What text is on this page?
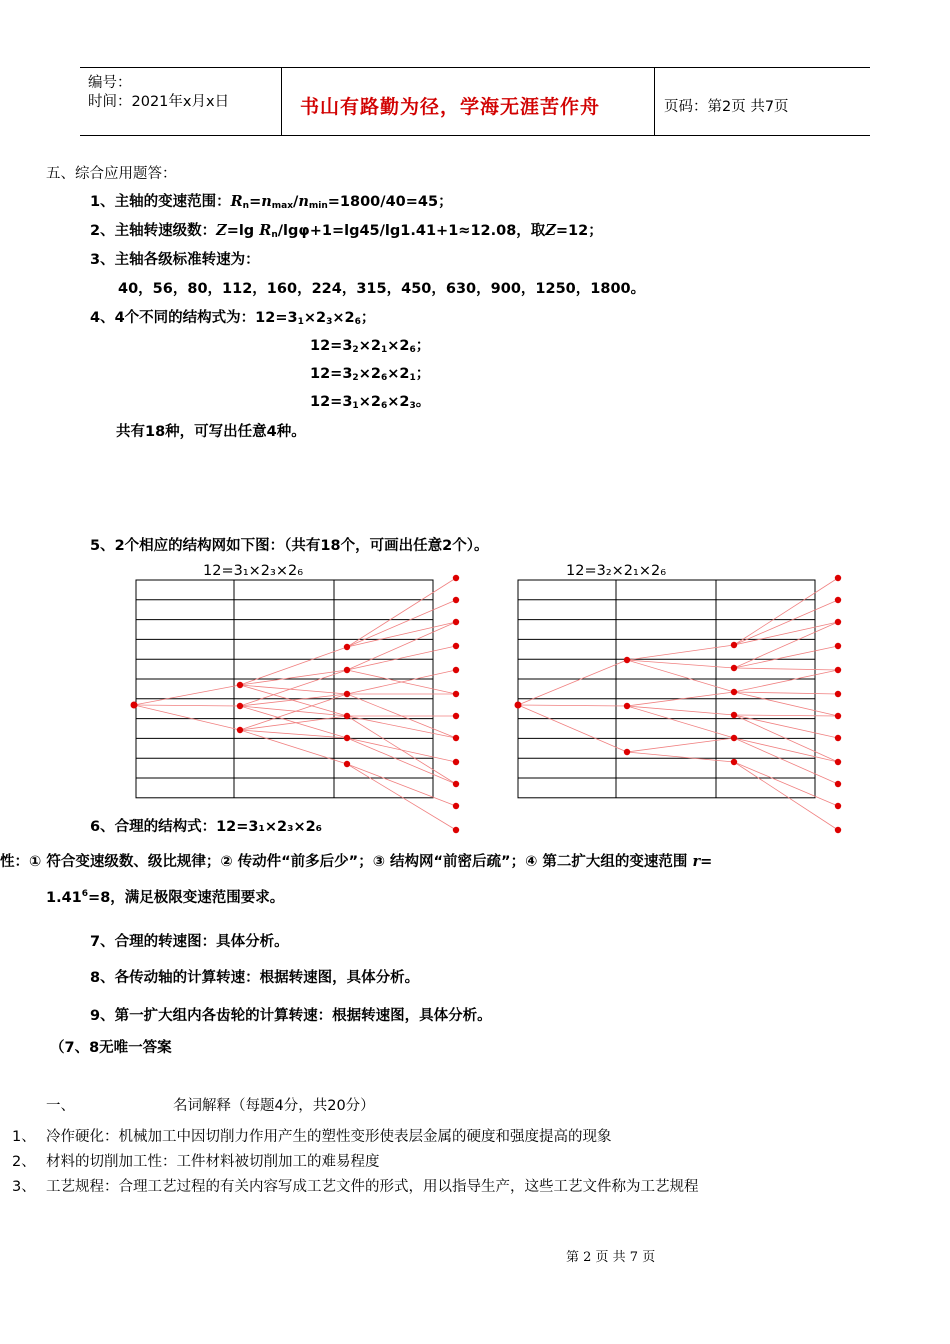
编号：
时间：2021年x月x日	书山有路勤为径，学海无涯苦作舟	页码：第2页 共7页
五、综合应用题答：
1、主轴的变速范围：$R_n=n_{max}/n_{min}=1800/40=45$；
2、主轴转速级数：Z=lg $R_n/\lg\varphi+1=\lg 45/\lg 1.41+1\approx 12.08$，取Z=12；
3、主轴各级标准转速为：
40，56，80，112，160，224，315，450，630，900，1250，1800。
4、4个不同的结构式为：$12=3_1\times 2_3\times 2_6$；
$12=3_2\times 2_1\times 2_6$；
$12=3_2\times 2_6\times 2_1$；
$12=3_1\times 2_6\times 2_3$。
共有18种，可写出任意4种。
5、2个相应的结构网如下图：（共有18个，可画出任意2个）。
12=3₁×2₃×2₆	12=3₂×2₁×2₆
6、合理的结构式：12=3₁×2₃×2₆
性：① 符合变速级数、级比规律；② 传动件“前多后少”；③ 结构网“前密后疏”；④ 第二扩大组的变速范围 r=
$1.41^6=8$，满足极限变速范围要求。
7、合理的转速图：具体分析。
8、各传动轴的计算转速：根据转速图，具体分析。
9、第一扩大组内各齿轮的计算转速：根据转速图，具体分析。
（7、8无唯一答案
一、	名词解释（每题4分，共20分）
1、 冷作硬化：机械加工中因切削力作用产生的塑性变形使表层金属的硬度和强度提高的现象
2、 材料的切削加工性：工件材料被切削加工的难易程度
3、 工艺规程：合理工艺过程的有关内容写成工艺文件的形式，用以指导生产，这些工艺文件称为工艺规程
第 2 页 共 7 页
